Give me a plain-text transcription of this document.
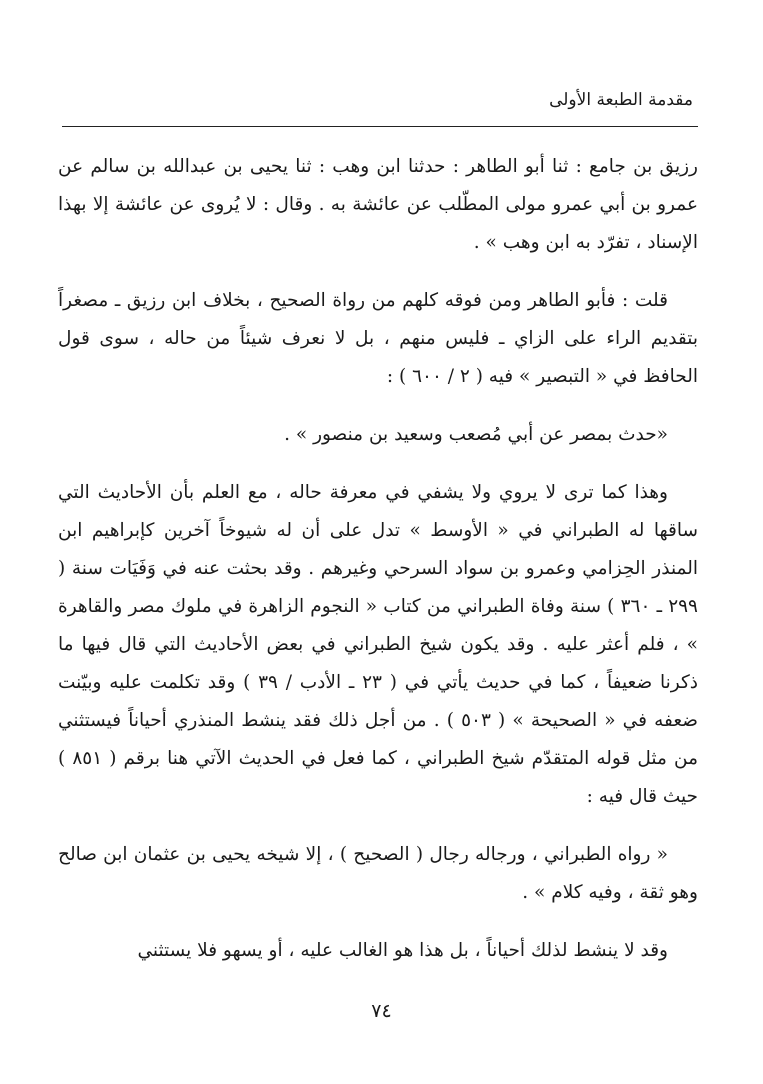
مقدمة الطبعة الأولى

رزيق بن جامع : ثنا أبو الطاهر : حدثنا ابن وهب : ثنا يحيى بن عبدالله بن سالم عن عمرو بن أبي عمرو مولى المطّلب عن عائشة به . وقال : لا يُروى عن عائشة إلا بهذا الإسناد ، تفرّد به ابن وهب » .

قلت : فأبو الطاهر ومن فوقه كلهم من رواة الصحيح ، بخلاف ابن رزيق ـ مصغراً بتقديم الراء على الزاي ـ فليس منهم ، بل لا نعرف شيئاً من حاله ، سوى قول الحافظ في « التبصير » فيه ( ٢ / ٦٠٠ ) :

«حدث بمصر عن أبي مُصعب وسعيد بن منصور » .

وهذا كما ترى لا يروي ولا يشفي في معرفة حاله ، مع العلم بأن الأحاديث التي ساقها له الطبراني في « الأوسط » تدل على أن له شيوخاً آخرين كإبراهيم ابن المنذر الحِزامي وعمرو بن سواد السرحي وغيرهم . وقد بحثت عنه في وَفَيَات سنة ( ٢٩٩ ـ ٣٦٠ ) سنة وفاة الطبراني من كتاب « النجوم الزاهرة في ملوك مصر والقاهرة » ، فلم أعثر عليه . وقد يكون شيخ الطبراني في بعض الأحاديث التي قال فيها ما ذكرنا ضعيفاً ، كما في حديث يأتي في ( ٢٣ ـ الأدب / ٣٩ ) وقد تكلمت عليه وبيّنت ضعفه في « الصحيحة » ( ٥٠٣ ) . من أجل ذلك فقد ينشط المنذري أحياناً فيستثني من مثل قوله المتقدّم شيخ الطبراني ، كما فعل في الحديث الآتي هنا برقم ( ٨٥١ ) حيث قال فيه :

« رواه الطبراني ، ورجاله رجال ( الصحيح ) ، إلا شيخه يحيى بن عثمان ابن صالح وهو ثقة ، وفيه كلام » .

وقد لا ينشط لذلك أحياناً ، بل هذا هو الغالب عليه ، أو يسهو فلا يستثني

٧٤
